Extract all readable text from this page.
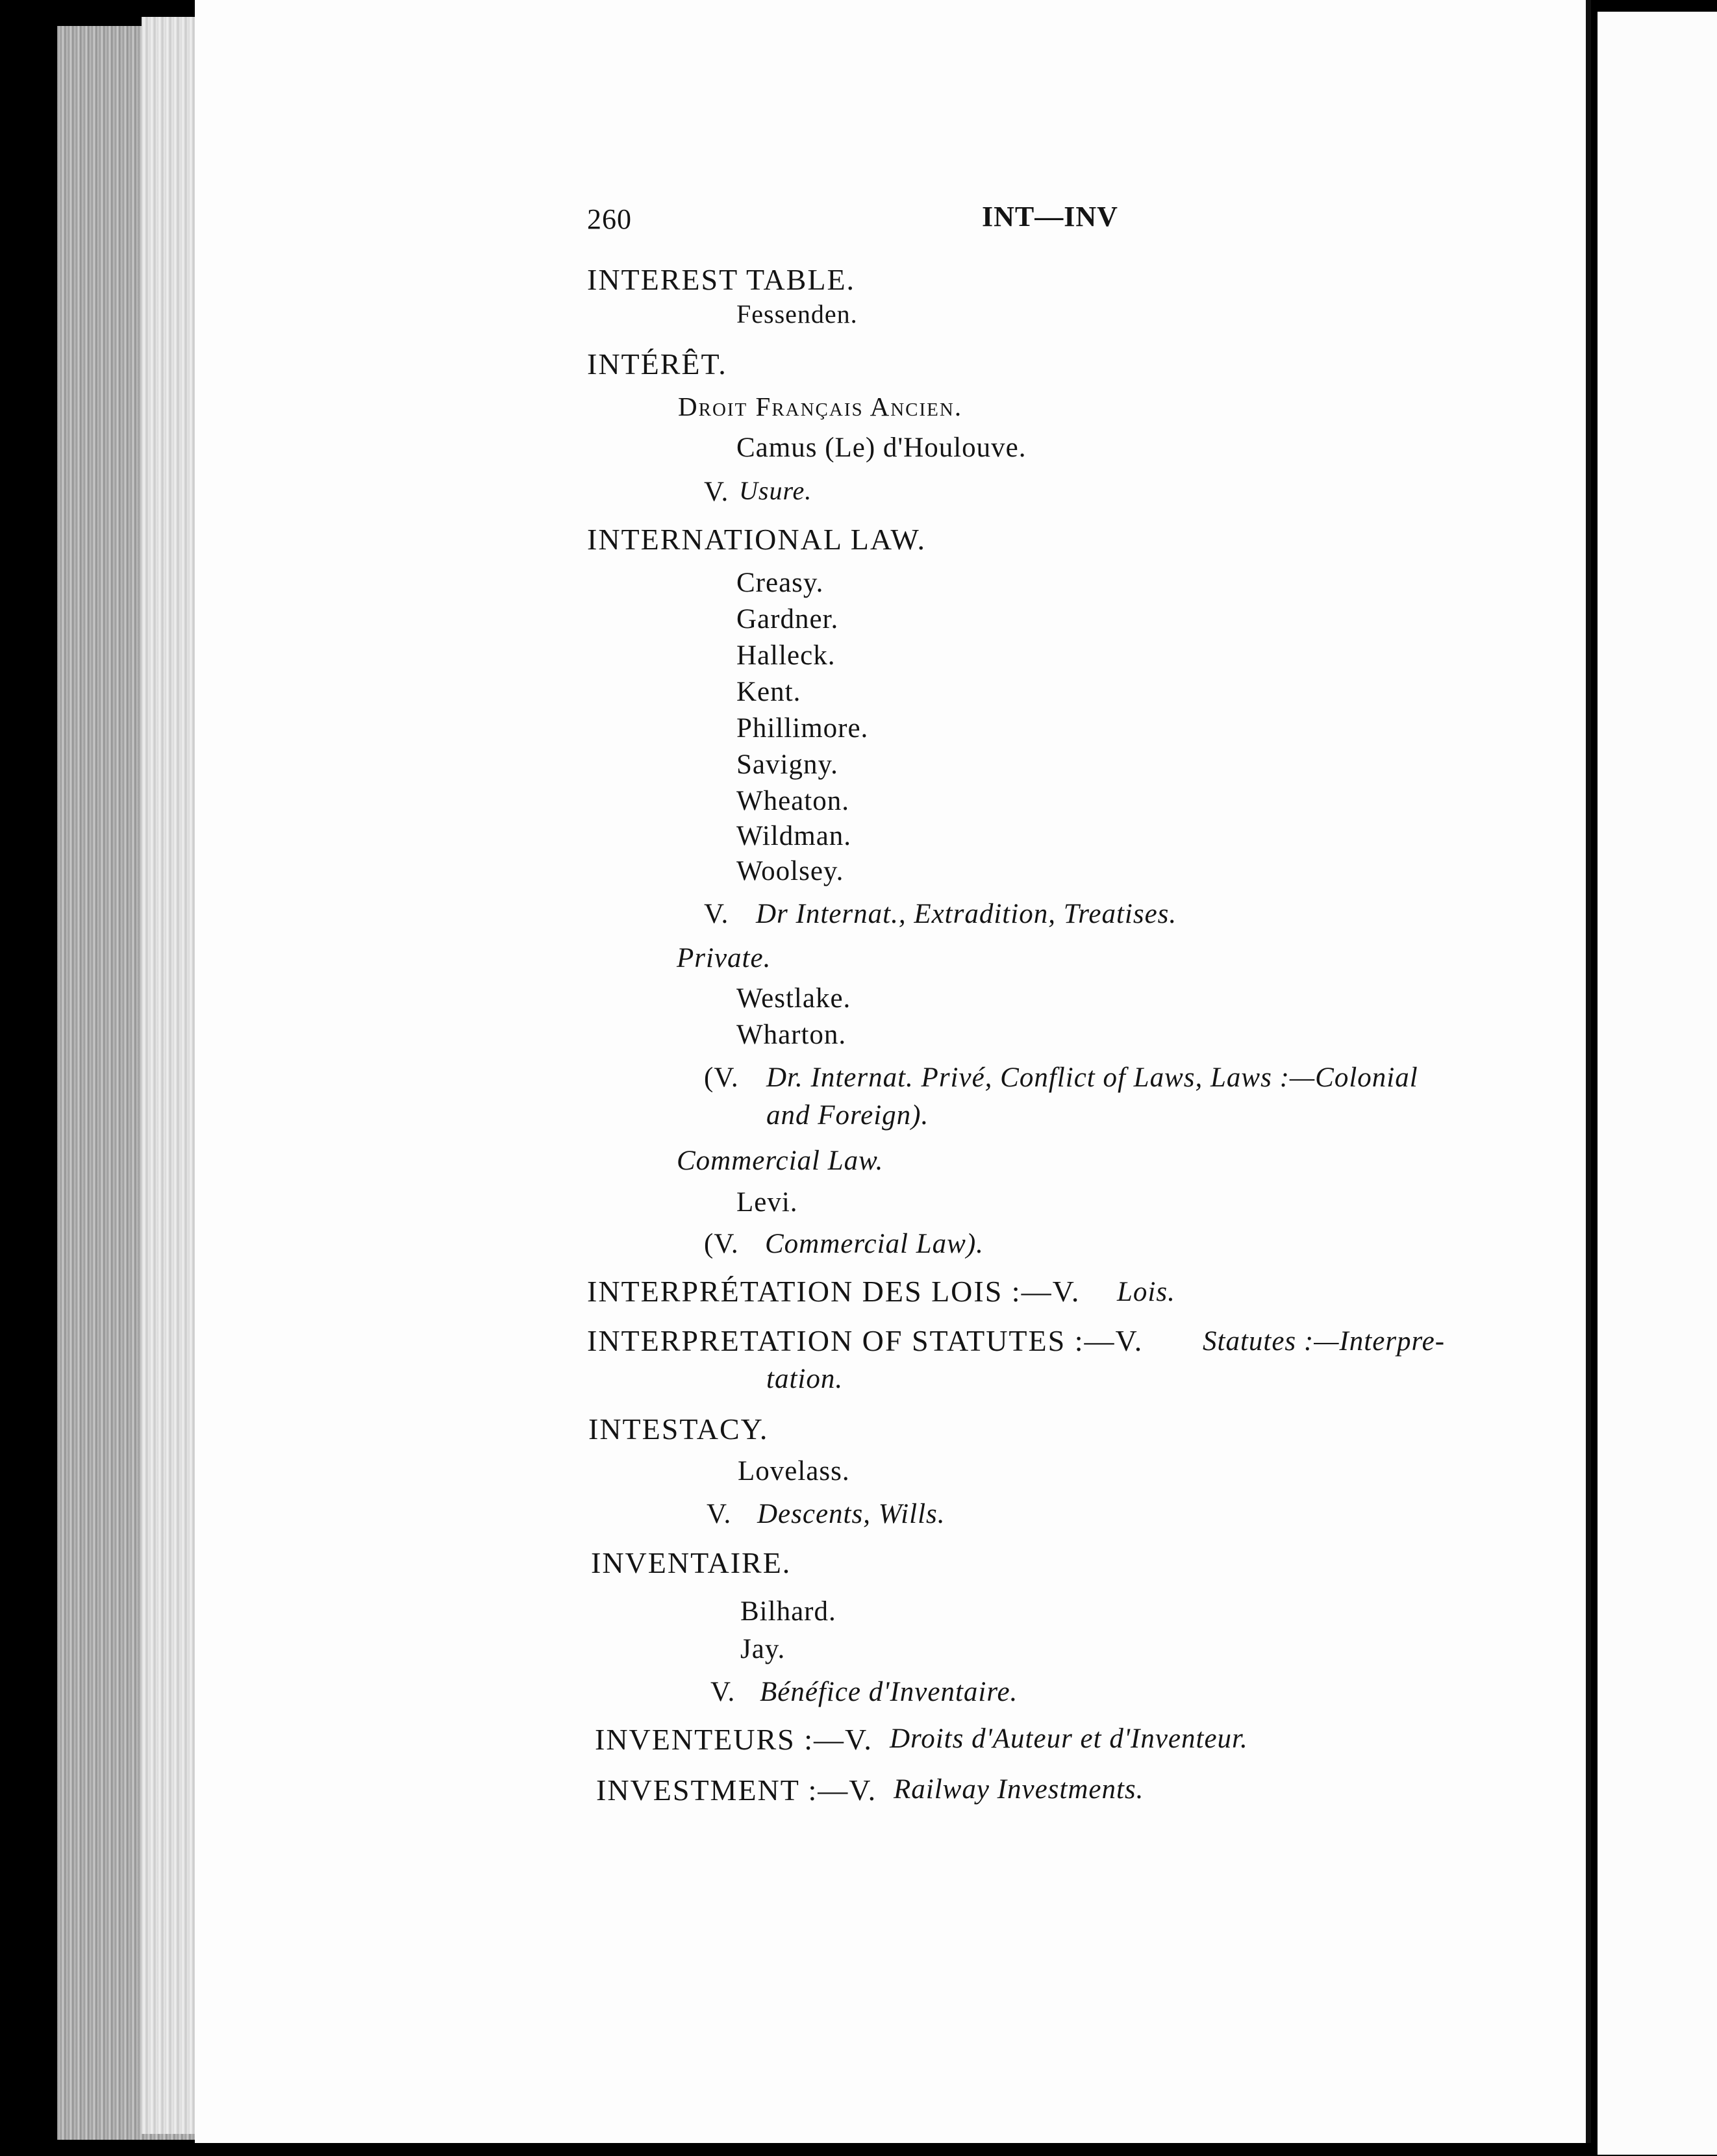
260	INT—INV
INTEREST TABLE.
Fessenden.
INTÉRÊT.
Droit Français Ancien.
Camus (Le) d'Houlouve.
V. Usure.
INTERNATIONAL LAW.
Creasy.
Gardner.
Halleck.
Kent.
Phillimore.
Savigny.
Wheaton.
Wildman.
Woolsey.
V. Dr Internat., Extradition, Treatises.
Private.
Westlake.
Wharton.
(V. Dr. Internat. Privé, Conflict of Laws, Laws :—Colonial
and Foreign).
Commercial Law.
Levi.
(V. Commercial Law).
INTERPRÉTATION DES LOIS :—V. Lois.
INTERPRETATION OF STATUTES :—V. Statutes :—Interpre-
tation.
INTESTACY.
Lovelass.
V. Descents, Wills.
INVENTAIRE.
Bilhard.
Jay.
V. Bénéfice d'Inventaire.
INVENTEURS :—V. Droits d'Auteur et d'Inventeur.
INVESTMENT :—V. Railway Investments.
